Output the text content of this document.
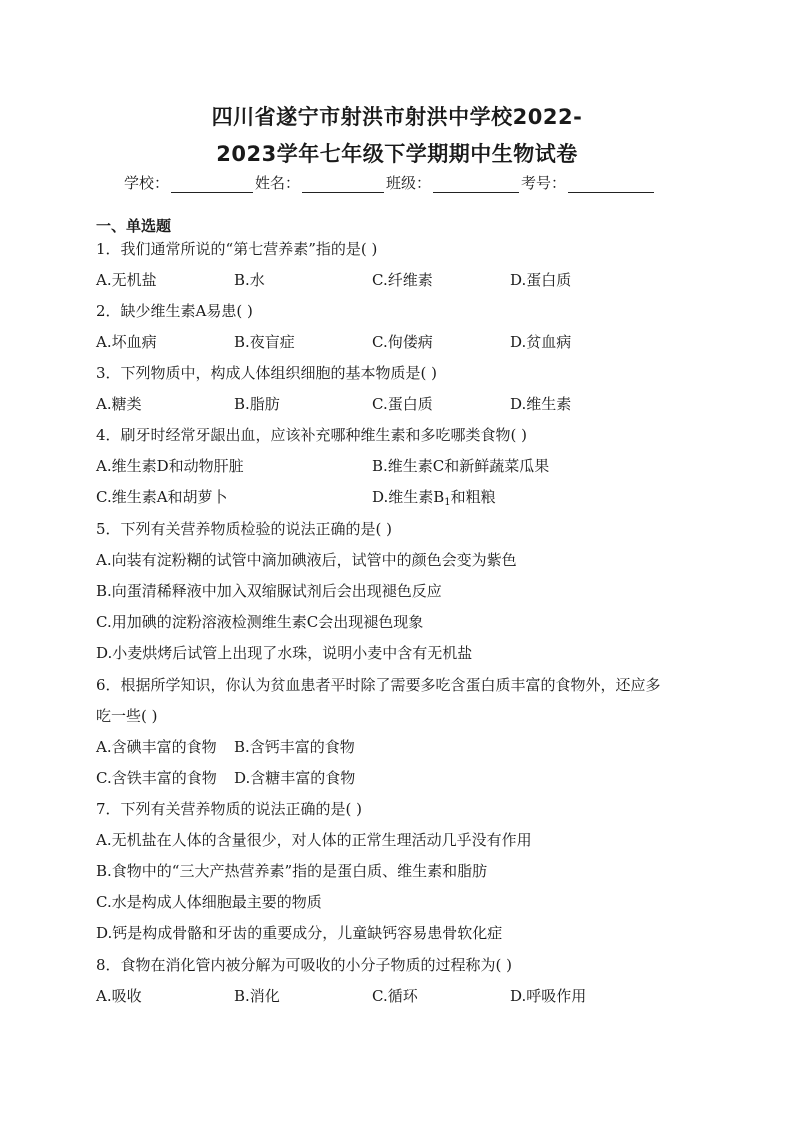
四川省遂宁市射洪市射洪中学校2022-
2023学年七年级下学期期中生物试卷
学校：	姓名：	班级：	考号：
一、单选题
1．我们通常所说的“第七营养素”指的是( )
A.无机盐	B.水	C.纤维素	D.蛋白质
2．缺少维生素A易患( )
A.坏血病	B.夜盲症	C.佝偻病	D.贫血病
3．下列物质中，构成人体组织细胞的基本物质是( )
A.糖类	B.脂肪	C.蛋白质	D.维生素
4．刷牙时经常牙龈出血，应该补充哪种维生素和多吃哪类食物( )
A.维生素D和动物肝脏	B.维生素C和新鲜蔬菜瓜果
C.维生素A和胡萝卜	D.维生素$B_1$和粗粮
5．下列有关营养物质检验的说法正确的是( )
A.向装有淀粉糊的试管中滴加碘液后，试管中的颜色会变为紫色
B.向蛋清稀释液中加入双缩脲试剂后会出现褪色反应
C.用加碘的淀粉溶液检测维生素C会出现褪色现象
D.小麦烘烤后试管上出现了水珠，说明小麦中含有无机盐
6．根据所学知识，你认为贫血患者平时除了需要多吃含蛋白质丰富的食物外，还应多
吃一些( )
A.含碘丰富的食物 B.含钙丰富的食物
C.含铁丰富的食物 D.含糖丰富的食物
7．下列有关营养物质的说法正确的是( )
A.无机盐在人体的含量很少，对人体的正常生理活动几乎没有作用
B.食物中的“三大产热营养素”指的是蛋白质、维生素和脂肪
C.水是构成人体细胞最主要的物质
D.钙是构成骨骼和牙齿的重要成分，儿童缺钙容易患骨软化症
8．食物在消化管内被分解为可吸收的小分子物质的过程称为( )
A.吸收	B.消化	C.循环	D.呼吸作用
